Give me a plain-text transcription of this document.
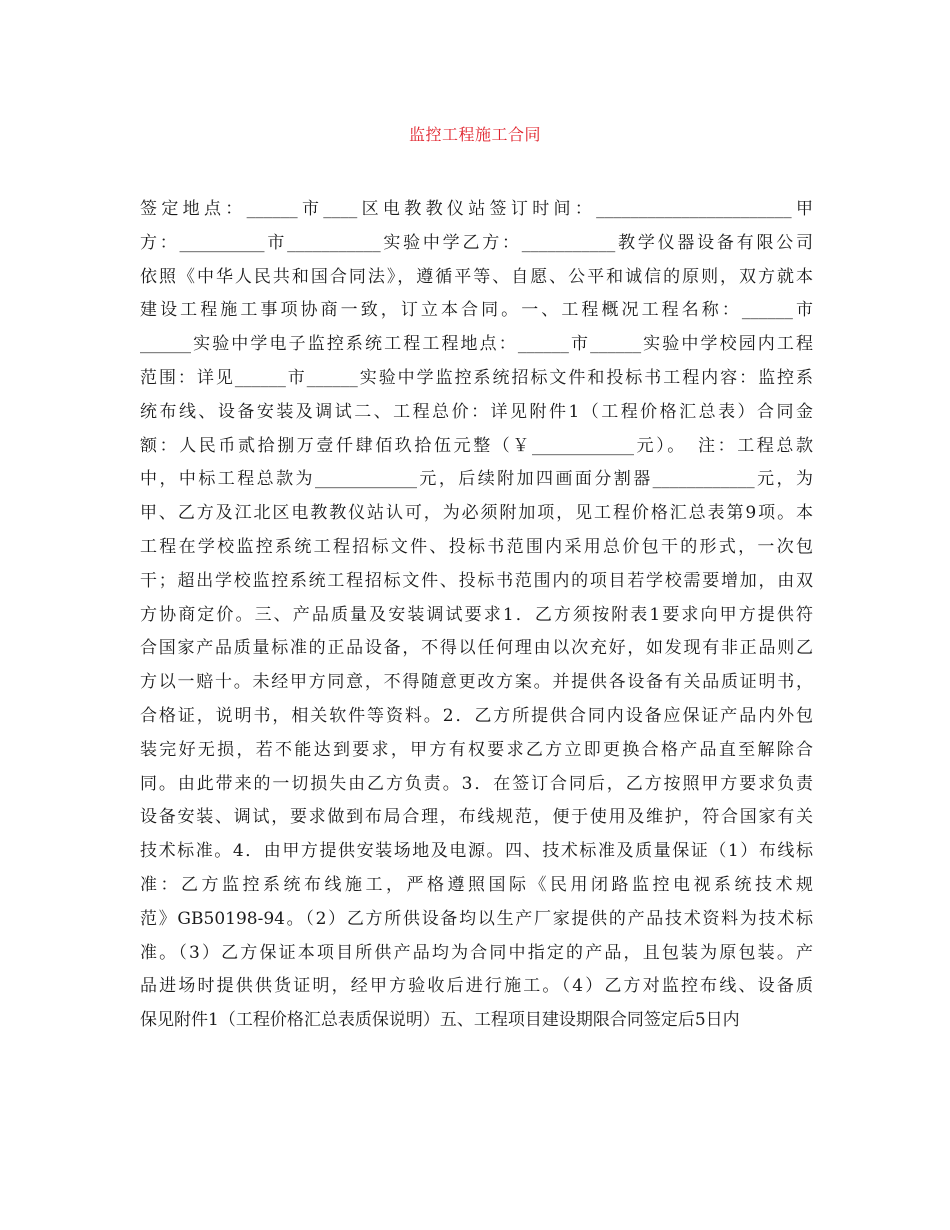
监控工程施工合同
签定地点：______市____区电教教仪站签订时间：_______________________甲
方：__________市___________实验中学乙方：___________教学仪器设备有限公司
依照《中华人民共和国合同法》，遵循平等、自愿、公平和诚信的原则，双方就本
建设工程施工事项协商一致，订立本合同。一、工程概况工程名称：______市
______实验中学电子监控系统工程工程地点：______市______实验中学校园内工程
范围：详见______市______实验中学监控系统招标文件和投标书工程内容：监控系
统布线、设备安装及调试二、工程总价：详见附件1（工程价格汇总表）合同金
额：人民币贰拾捌万壹仟肆佰玖拾伍元整（￥____________元）。　注：工程总款
中，中标工程总款为____________元，后续附加四画面分割器____________元，为
甲、乙方及江北区电教教仪站认可，为必须附加项，见工程价格汇总表第9项。本
工程在学校监控系统工程招标文件、投标书范围内采用总价包干的形式，一次包
干；超出学校监控系统工程招标文件、投标书范围内的项目若学校需要增加，由双
方协商定价。三、产品质量及安装调试要求1．乙方须按附表1要求向甲方提供符
合国家产品质量标准的正品设备，不得以任何理由以次充好，如发现有非正品则乙
方以一赔十。未经甲方同意，不得随意更改方案。并提供各设备有关品质证明书，
合格证，说明书，相关软件等资料。2．乙方所提供合同内设备应保证产品内外包
装完好无损，若不能达到要求，甲方有权要求乙方立即更换合格产品直至解除合
同。由此带来的一切损失由乙方负责。3．在签订合同后，乙方按照甲方要求负责
设备安装、调试，要求做到布局合理，布线规范，便于使用及维护，符合国家有关
技术标准。4．由甲方提供安装场地及电源。四、技术标准及质量保证（1）布线标
准：乙方监控系统布线施工，严格遵照国际《民用闭路监控电视系统技术规
范》GB50198-94。（2）乙方所供设备均以生产厂家提供的产品技术资料为技术标
准。（3）乙方保证本项目所供产品均为合同中指定的产品，且包装为原包装。产
品进场时提供供货证明，经甲方验收后进行施工。（4）乙方对监控布线、设备质
保见附件1（工程价格汇总表质保说明）五、工程项目建设期限合同签定后5日内
